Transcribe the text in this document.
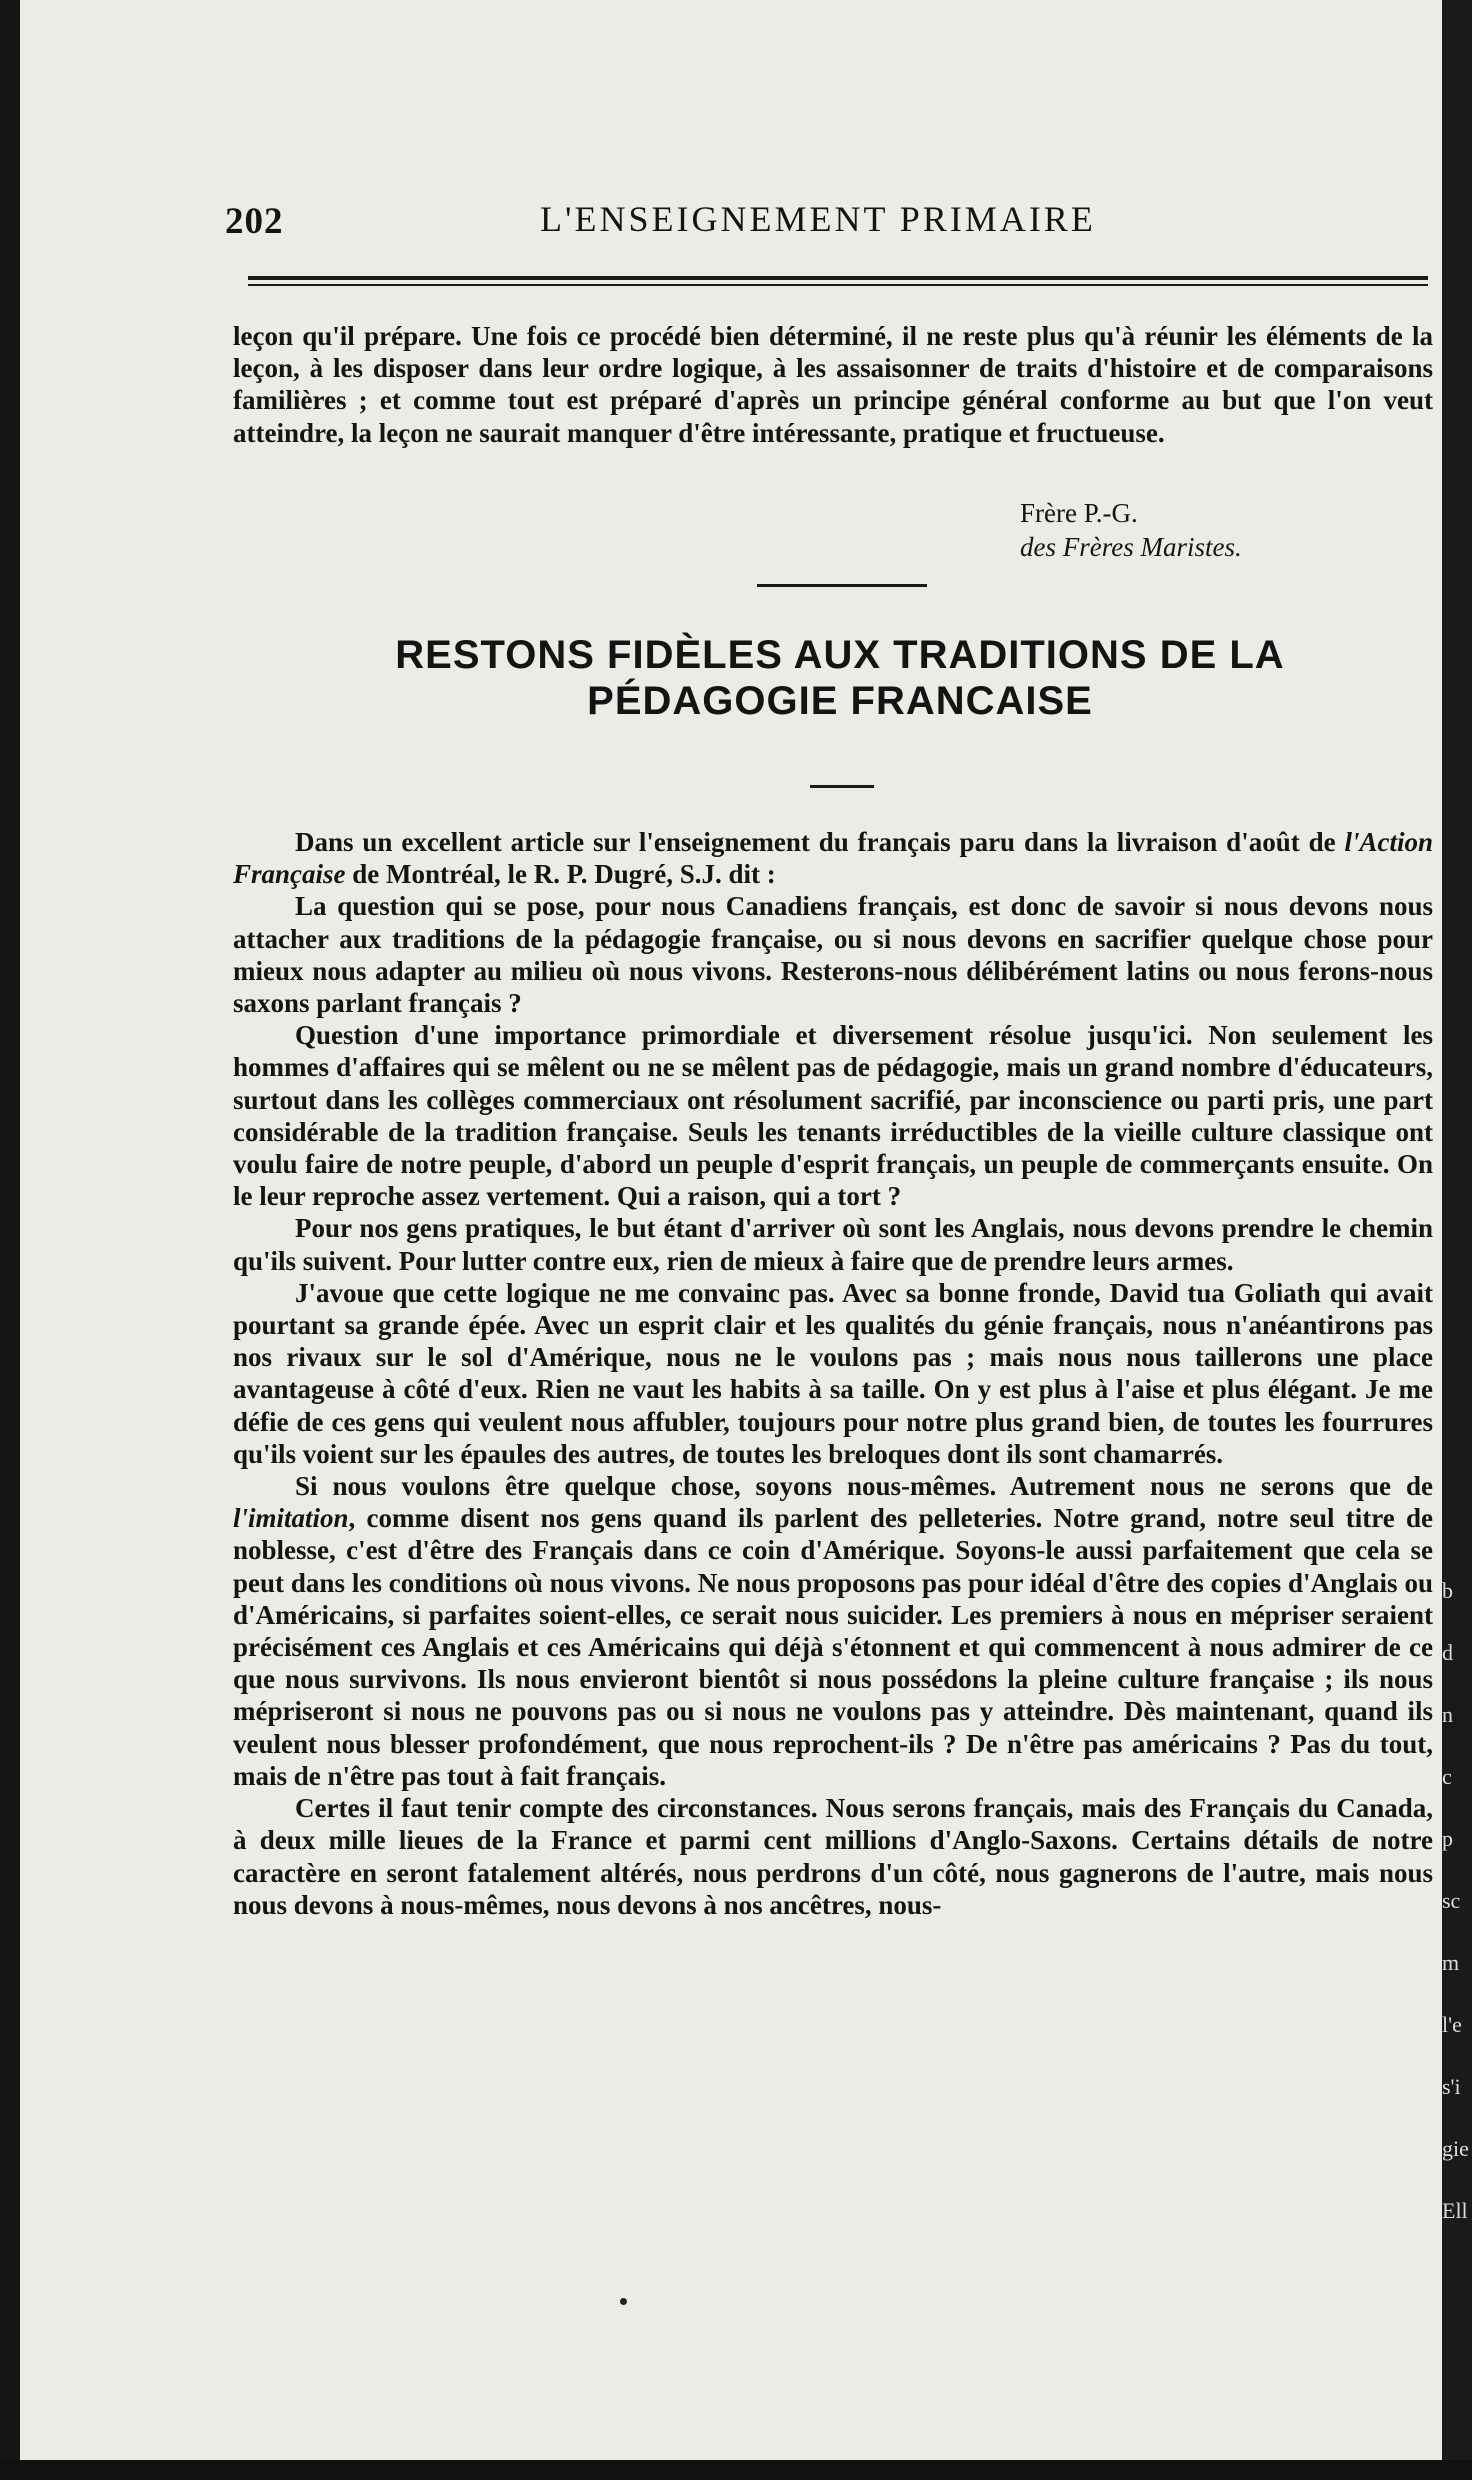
202	L'ENSEIGNEMENT PRIMAIRE

leçon qu'il prépare. Une fois ce procédé bien déterminé, il ne reste plus qu'à réunir les éléments de la leçon, à les disposer dans leur ordre logique, à les assaisonner de traits d'histoire et de comparaisons familières ; et comme tout est préparé d'après un principe général conforme au but que l'on veut atteindre, la leçon ne saurait manquer d'être intéressante, pratique et fructueuse.

Frère P.-G.
des Frères Maristes.
RESTONS FIDÈLES AUX TRADITIONS DE LA PÉDAGOGIE FRANCAISE

Dans un excellent article sur l'enseignement du français paru dans la livraison d'août de l'Action Française de Montréal, le R. P. Dugré, S.J. dit :

La question qui se pose, pour nous Canadiens français, est donc de savoir si nous devons nous attacher aux traditions de la pédagogie française, ou si nous devons en sacrifier quelque chose pour mieux nous adapter au milieu où nous vivons. Resterons-nous délibérément latins ou nous ferons-nous saxons parlant français ?

Question d'une importance primordiale et diversement résolue jusqu'ici. Non seulement les hommes d'affaires qui se mêlent ou ne se mêlent pas de pédagogie, mais un grand nombre d'éducateurs, surtout dans les collèges commerciaux ont résolument sacrifié, par inconscience ou parti pris, une part considérable de la tradition française. Seuls les tenants irréductibles de la vieille culture classique ont voulu faire de notre peuple, d'abord un peuple d'esprit français, un peuple de commerçants ensuite. On le leur reproche assez vertement. Qui a raison, qui a tort ?

Pour nos gens pratiques, le but étant d'arriver où sont les Anglais, nous devons prendre le chemin qu'ils suivent. Pour lutter contre eux, rien de mieux à faire que de prendre leurs armes.

J'avoue que cette logique ne me convainc pas. Avec sa bonne fronde, David tua Goliath qui avait pourtant sa grande épée. Avec un esprit clair et les qualités du génie français, nous n'anéantirons pas nos rivaux sur le sol d'Amérique, nous ne le voulons pas ; mais nous nous taillerons une place avantageuse à côté d'eux. Rien ne vaut les habits à sa taille. On y est plus à l'aise et plus élégant. Je me défie de ces gens qui veulent nous affubler, toujours pour notre plus grand bien, de toutes les fourrures qu'ils voient sur les épaules des autres, de toutes les breloques dont ils sont chamarrés.

Si nous voulons être quelque chose, soyons nous-mêmes. Autrement nous ne serons que de l'imitation, comme disent nos gens quand ils parlent des pelleteries. Notre grand, notre seul titre de noblesse, c'est d'être des Français dans ce coin d'Amérique. Soyons-le aussi parfaitement que cela se peut dans les conditions où nous vivons. Ne nous proposons pas pour idéal d'être des copies d'Anglais ou d'Américains, si parfaites soient-elles, ce serait nous suicider. Les premiers à nous en mépriser seraient précisément ces Anglais et ces Américains qui déjà s'étonnent et qui commencent à nous admirer de ce que nous survivons. Ils nous envieront bientôt si nous possédons la pleine culture française ; ils nous mépriseront si nous ne pouvons pas ou si nous ne voulons pas y atteindre. Dès maintenant, quand ils veulent nous blesser profondément, que nous reprochent-ils ? De n'être pas américains ? Pas du tout, mais de n'être pas tout à fait français.

Certes il faut tenir compte des circonstances. Nous serons français, mais des Français du Canada, à deux mille lieues de la France et parmi cent millions d'Anglo-Saxons. Certains détails de notre caractère en seront fatalement altérés, nous perdrons d'un côté, nous gagnerons de l'autre, mais nous nous devons à nous-mêmes, nous devons à nos ancêtres, nous-

b
d
n
c
p
sc
m
l'e
s'i
gie
Ell
